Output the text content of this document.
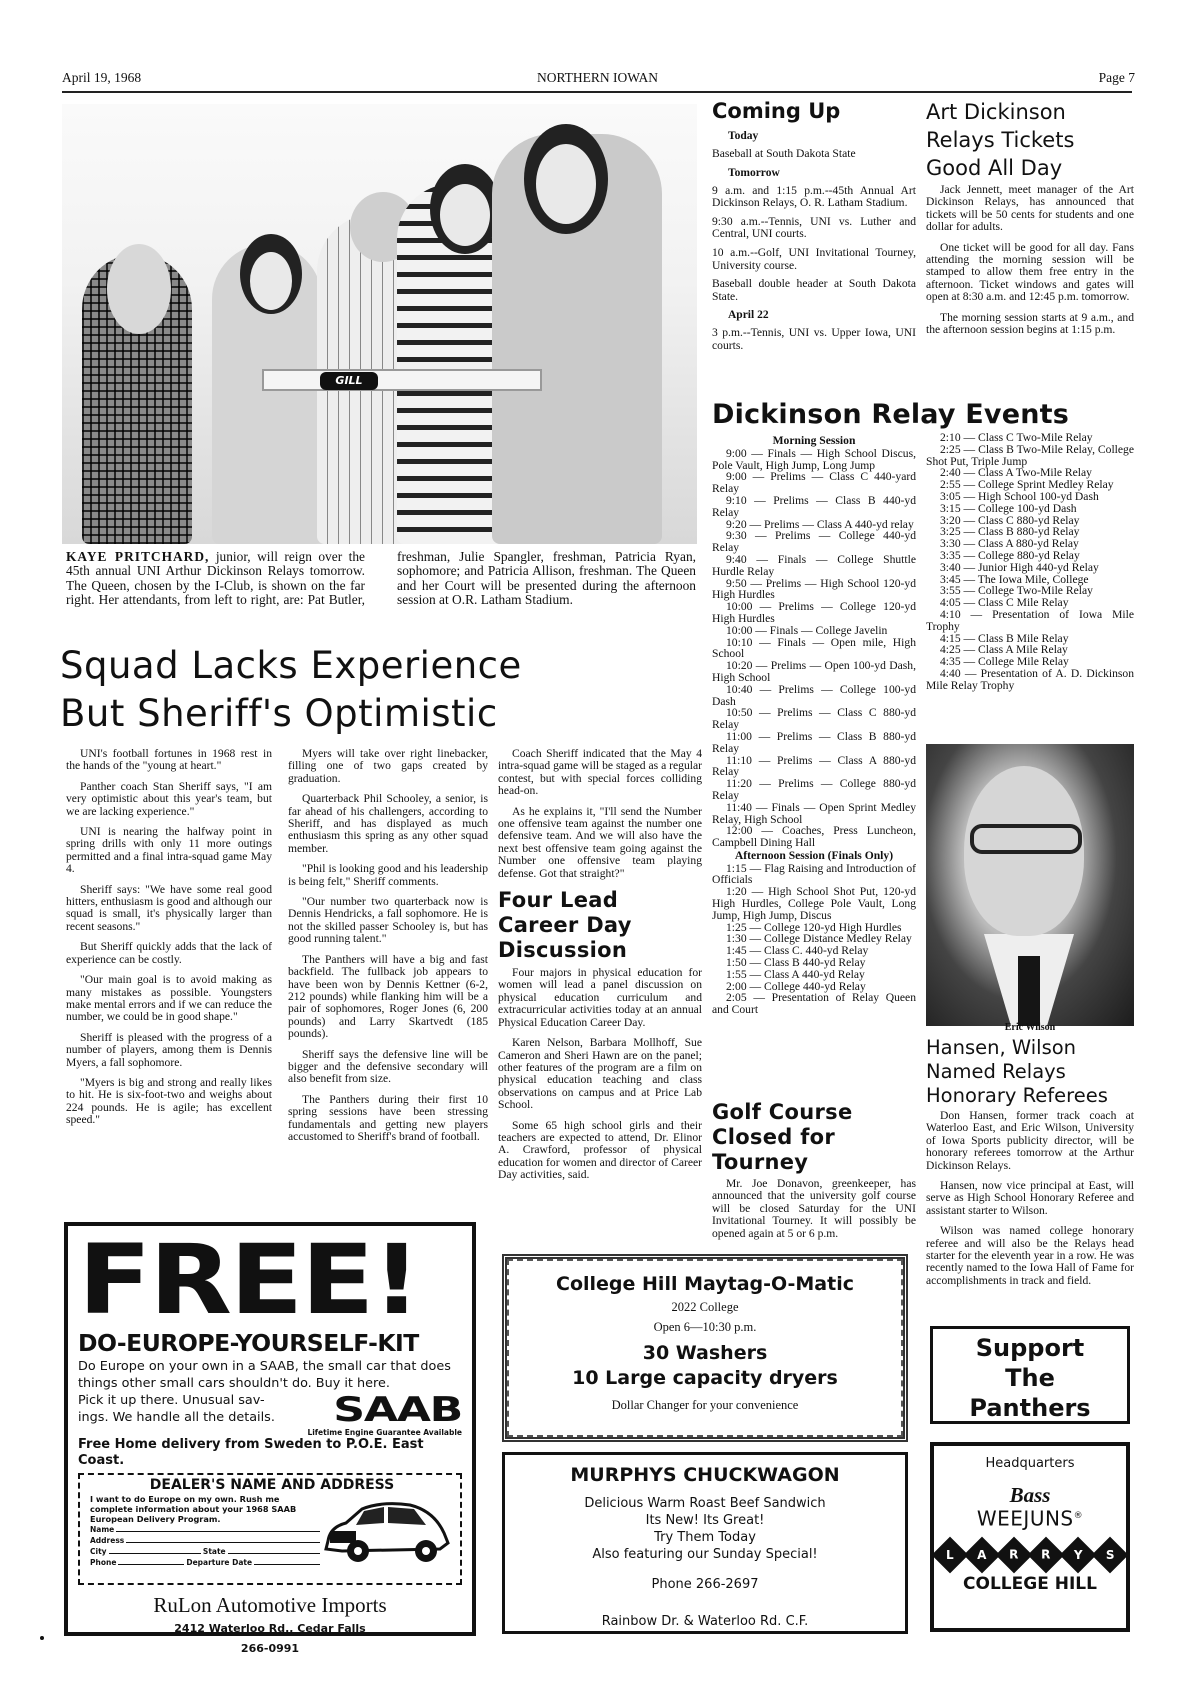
April 19, 1968	NORTHERN IOWAN	Page 7
GILL
KAYE PRITCHARD, junior, will reign over the 45th annual UNI Arthur Dickinson Relays tomorrow. The Queen, chosen by the I-Club, is shown on the far right. Her attendants, from left to right, are: Pat Butler, freshman, Julie Spangler, freshman, Patricia Ryan, sophomore; and Patricia Allison, freshman. The Queen and her Court will be presented during the afternoon session at O.R. Latham Stadium.
Squad Lacks Experience
But Sheriff's Optimistic

UNI's football fortunes in 1968 rest in the hands of the "young at heart."

Panther coach Stan Sheriff says, "I am very optimistic about this year's team, but we are lacking experience."

UNI is nearing the halfway point in spring drills with only 11 more outings permitted and a final intra-squad game May 4.

Sheriff says: "We have some real good hitters, enthusiasm is good and although our squad is small, it's physically larger than recent seasons."

But Sheriff quickly adds that the lack of experience can be costly.

"Our main goal is to avoid making as many mistakes as possible. Youngsters make mental errors and if we can reduce the number, we could be in good shape."

Sheriff is pleased with the progress of a number of players, among them is Dennis Myers, a fall sophomore.

"Myers is big and strong and really likes to hit. He is six-foot-two and weighs about 224 pounds. He is agile; has excellent speed."

Myers will take over right linebacker, filling one of two gaps created by graduation.

Quarterback Phil Schooley, a senior, is far ahead of his challengers, according to Sheriff, and has displayed as much enthusiasm this spring as any other squad member.

"Phil is looking good and his leadership is being felt," Sheriff comments.

"Our number two quarterback now is Dennis Hendricks, a fall sophomore. He is not the skilled passer Schooley is, but has good running talent."

The Panthers will have a big and fast backfield. The fullback job appears to have been won by Dennis Kettner (6-2, 212 pounds) while flanking him will be a pair of sophomores, Roger Jones (6, 200 pounds) and Larry Skartvedt (185 pounds).

Sheriff says the defensive line will be bigger and the defensive secondary will also benefit from size.

The Panthers during their first 10 spring sessions have been stressing fundamentals and getting new players accustomed to Sheriff's brand of football.

Coach Sheriff indicated that the May 4 intra-squad game will be staged as a regular contest, but with special forces colliding head-on.

As he explains it, "I'll send the Number one offensive team against the number one defensive team. And we will also have the next best offensive team going against the Number one offensive team playing defense. Got that straight?"

Four Lead
Career Day
Discussion

Four majors in physical education for women will lead a panel discussion on physical education curriculum and extracurricular activities today at an annual Physical Education Career Day.

Karen Nelson, Barbara Mollhoff, Sue Cameron and Sheri Hawn are on the panel; other features of the program are a film on physical education teaching and class observations on campus and at Price Lab School.

Some 65 high school girls and their teachers are expected to attend, Dr. Elinor A. Crawford, professor of physical education for women and director of Career Day activities, said.

Coming Up
Today
Baseball at South Dakota State
Tomorrow
9 a.m. and 1:15 p.m.--45th Annual Art Dickinson Relays, O. R. Latham Stadium.
9:30 a.m.--Tennis, UNI vs. Luther and Central, UNI courts.
10 a.m.--Golf, UNI Invitational Tourney, University course.
Baseball double header at South Dakota State.
April 22
3 p.m.--Tennis, UNI vs. Upper Iowa, UNI courts.
Art Dickinson
Relays Tickets
Good All Day

Jack Jennett, meet manager of the Art Dickinson Relays, has announced that tickets will be 50 cents for students and one dollar for adults.

One ticket will be good for all day. Fans attending the morning session will be stamped to allow them free entry in the afternoon. Ticket windows and gates will open at 8:30 a.m. and 12:45 p.m. tomorrow.

The morning session starts at 9 a.m., and the afternoon session begins at 1:15 p.m.

Dickinson Relay Events
Morning Session
9:00 — Finals — High School Discus, Pole Vault, High Jump, Long Jump
9:00 — Prelims — Class C 440-yard Relay
9:10 — Prelims — Class B 440-yd Relay
9:20 — Prelims — Class A 440-yd relay
9:30 — Prelims — College 440-yd Relay
9:40 — Finals — College Shuttle Hurdle Relay
9:50 — Prelims — High School 120-yd High Hurdles
10:00 — Prelims — College 120-yd High Hurdles
10:00 — Finals — College Javelin
10:10 — Finals — Open mile, High School
10:20 — Prelims — Open 100-yd Dash, High School
10:40 — Prelims — College 100-yd Dash
10:50 — Prelims — Class C 880-yd Relay
11:00 — Prelims — Class B 880-yd Relay
11:10 — Prelims — Class A 880-yd Relay
11:20 — Prelims — College 880-yd Relay
11:40 — Finals — Open Sprint Medley Relay, High School
12:00 — Coaches, Press Luncheon, Campbell Dining Hall
Afternoon Session (Finals Only)
1:15 — Flag Raising and Introduction of Officials
1:20 — High School Shot Put, 120-yd High Hurdles, College Pole Vault, Long Jump, High Jump, Discus
1:25 — College 120-yd High Hurdles
1:30 — College Distance Medley Relay
1:45 — Class C. 440-yd Relay
1:50 — Class B 440-yd Relay
1:55 — Class A 440-yd Relay
2:00 — College 440-yd Relay
2:05 — Presentation of Relay Queen and Court
2:10 — Class C Two-Mile Relay
2:25 — Class B Two-Mile Relay, College Shot Put, Triple Jump
2:40 — Class A Two-Mile Relay
2:55 — College Sprint Medley Relay
3:05 — High School 100-yd Dash
3:15 — College 100-yd Dash
3:20 — Class C 880-yd Relay
3:25 — Class B 880-yd Relay
3:30 — Class A 880-yd Relay
3:35 — College 880-yd Relay
3:40 — Junior High 440-yd Relay
3:45 — The Iowa Mile, College
3:55 — College Two-Mile Relay
4:05 — Class C Mile Relay
4:10 — Presentation of Iowa Mile Trophy
4:15 — Class B Mile Relay
4:25 — Class A Mile Relay
4:35 — College Mile Relay
4:40 — Presentation of A. D. Dickinson Mile Relay Trophy
Golf Course
Closed for
Tourney

Mr. Joe Donavon, greenkeeper, has announced that the university golf course will be closed Saturday for the UNI Invitational Tourney. It will possibly be opened again at 5 or 6 p.m.

Eric Wilson
Hansen, Wilson
Named Relays
Honorary Referees

Don Hansen, former track coach at Waterloo East, and Eric Wilson, University of Iowa Sports publicity director, will be honorary referees tomorrow at the Arthur Dickinson Relays.

Hansen, now vice principal at East, will serve as High School Honorary Referee and assistant starter to Wilson.

Wilson was named college honorary referee and will also be the Relays head starter for the eleventh year in a row. He was recently named to the Iowa Hall of Fame for accomplishments in track and field.

FREE!
DO-EUROPE-YOURSELF-KIT
Do Europe on your own in a SAAB, the small car that does things other small cars shouldn't do. Buy it here.
Pick it up there. Unusual sav-
ings. We handle all the details.	SAAB
Lifetime Engine Guarantee Available
Free Home delivery from Sweden to P.O.E. East Coast.
DEALER'S NAME AND ADDRESS
I want to do Europe on my own. Rush me complete information about your 1968 SAAB European Delivery Program.
Name
Address
City	State
Phone	Departure Date
RuLon Automotive Imports
2412 Waterloo Rd., Cedar Falls
266-0991
College Hill Maytag-O-Matic
2022 College
Open 6—10:30 p.m.
30 Washers
10 Large capacity dryers
Dollar Changer for your convenience
MURPHYS CHUCKWAGON
Delicious Warm Roast Beef Sandwich
Its New! Its Great!
Try Them Today
Also featuring our Sunday Special!
Phone 266-2697
Rainbow Dr. & Waterloo Rd. C.F.
Support
The
Panthers
Headquarters
Bass
WEEJUNS®
L A R R Y S
COLLEGE HILL
